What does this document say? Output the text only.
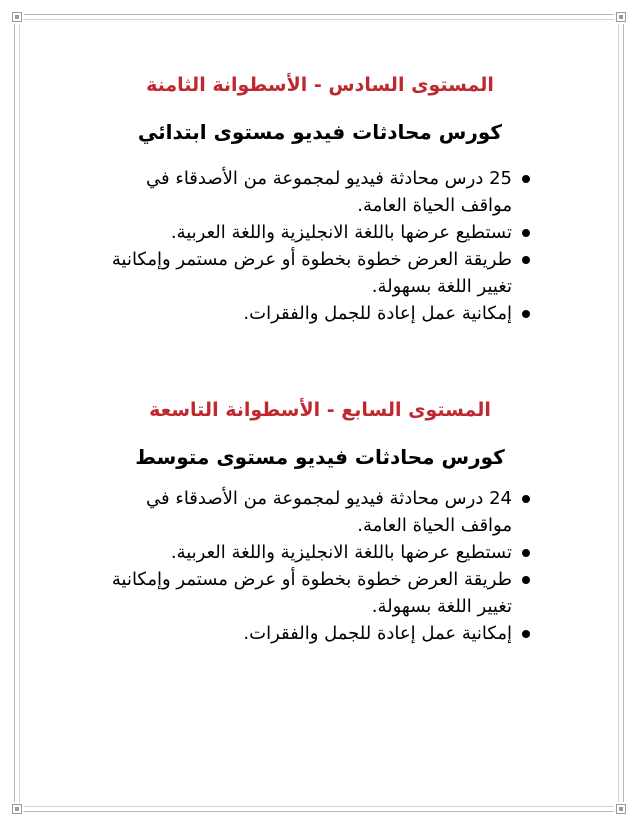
المستوى السادس - الأسطوانة الثامنة
كورس محادثات فيديو مستوى ابتدائي
25 درس محادثة فيديو لمجموعة من الأصدقاء في مواقف الحياة العامة.
تستطيع عرضها باللغة الانجليزية واللغة العربية.
طريقة العرض خطوة بخطوة أو عرض مستمر وإمكانية تغيير اللغة بسهولة.
إمكانية عمل إعادة للجمل والفقرات.
المستوى السابع - الأسطوانة التاسعة
كورس محادثات فيديو مستوى متوسط
24 درس محادثة فيديو لمجموعة من الأصدقاء في مواقف الحياة العامة.
تستطيع عرضها باللغة الانجليزية واللغة العربية.
طريقة العرض خطوة بخطوة أو عرض مستمر وإمكانية تغيير اللغة بسهولة.
إمكانية عمل إعادة للجمل والفقرات.
